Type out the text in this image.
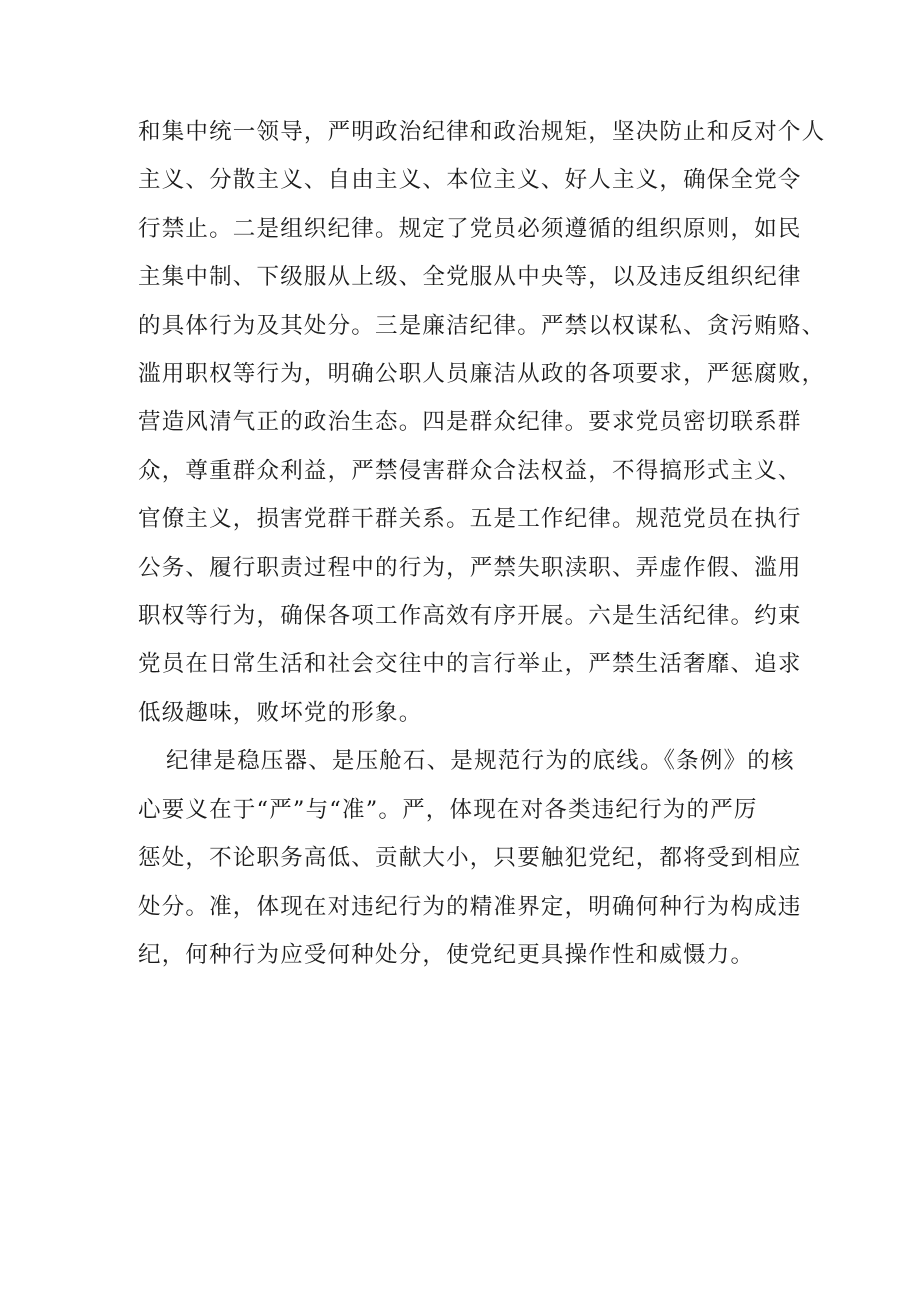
和集中统一领导，严明政治纪律和政治规矩，坚决防止和反对个人
主义、分散主义、自由主义、本位主义、好人主义，确保全党令
行禁止。二是组织纪律。规定了党员必须遵循的组织原则，如民
主集中制、下级服从上级、全党服从中央等，以及违反组织纪律
的具体行为及其处分。三是廉洁纪律。严禁以权谋私、贪污贿赂、
滥用职权等行为，明确公职人员廉洁从政的各项要求，严惩腐败，
营造风清气正的政治生态。四是群众纪律。要求党员密切联系群
众，尊重群众利益，严禁侵害群众合法权益，不得搞形式主义、
官僚主义，损害党群干群关系。五是工作纪律。规范党员在执行
公务、履行职责过程中的行为，严禁失职渎职、弄虚作假、滥用
职权等行为，确保各项工作高效有序开展。六是生活纪律。约束
党员在日常生活和社会交往中的言行举止，严禁生活奢靡、追求
低级趣味，败坏党的形象。

纪律是稳压器、是压舱石、是规范行为的底线。《条例》的核
心要义在于“严”与“准”。严，体现在对各类违纪行为的严厉
惩处，不论职务高低、贡献大小，只要触犯党纪，都将受到相应
处分。准，体现在对违纪行为的精准界定，明确何种行为构成违
纪，何种行为应受何种处分，使党纪更具操作性和威慑力。
